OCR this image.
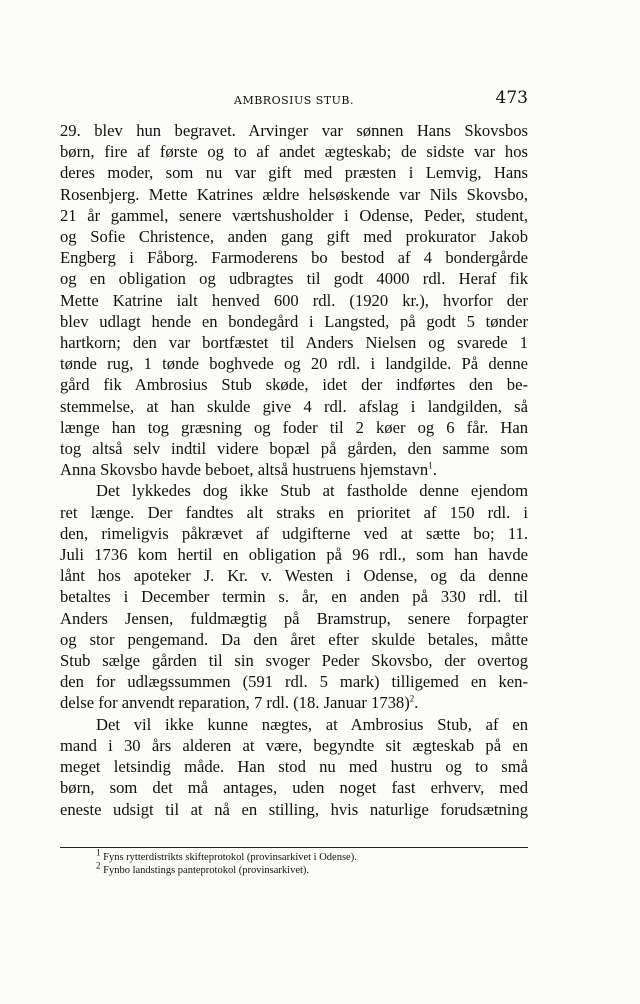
AMBROSIUS STUB.	473

29. blev hun begravet. Arvinger var sønnen Hans Skovsbos
børn, fire af første og to af andet ægteskab; de sidste var hos
deres moder, som nu var gift med præsten i Lemvig, Hans
Rosenbjerg. Mette Katrines ældre helsøskende var Nils Skovsbo,
21 år gammel, senere værtshusholder i Odense, Peder, student,
og Sofie Christence, anden gang gift med prokurator Jakob
Engberg i Fåborg. Farmoderens bo bestod af 4 bondergårde
og en obligation og udbragtes til godt 4000 rdl. Heraf fik
Mette Katrine ialt henved 600 rdl. (1920 kr.), hvorfor der
blev udlagt hende en bondegård i Langsted, på godt 5 tønder
hartkorn; den var bortfæstet til Anders Nielsen og svarede 1
tønde rug, 1 tønde boghvede og 20 rdl. i landgilde. På denne
gård fik Ambrosius Stub skøde, idet der indførtes den be-
stemmelse, at han skulde give 4 rdl. afslag i landgilden, så
længe han tog græsning og foder til 2 køer og 6 får. Han
tog altså selv indtil videre bopæl på gården, den samme som
Anna Skovsbo havde beboet, altså hustruens hjemstavn$^1$.

Det lykkedes dog ikke Stub at fastholde denne ejendom
ret længe. Der fandtes alt straks en prioritet af 150 rdl. i
den, rimeligvis påkrævet af udgifterne ved at sætte bo; 11.
Juli 1736 kom hertil en obligation på 96 rdl., som han havde
lånt hos apoteker J. Kr. v. Westen i Odense, og da denne
betaltes i December termin s. år, en anden på 330 rdl. til
Anders Jensen, fuldmægtig på Bramstrup, senere forpagter
og stor pengemand. Da den året efter skulde betales, måtte
Stub sælge gården til sin svoger Peder Skovsbo, der overtog
den for udlægssummen (591 rdl. 5 mark) tilligemed en ken-
delse for anvendt reparation, 7 rdl. (18. Januar 1738)$^2$.

Det vil ikke kunne nægtes, at Ambrosius Stub, af en
mand i 30 års alderen at være, begyndte sit ægteskab på en
meget letsindig måde. Han stod nu med hustru og to små
børn, som det må antages, uden noget fast erhverv, med
eneste udsigt til at nå en stilling, hvis naturlige forudsætning

$^1$ Fyns rytterdistrikts skifteprotokol (provinsarkivet i Odense).
$^2$ Fynbo landstings panteprotokol (provinsarkivet).
